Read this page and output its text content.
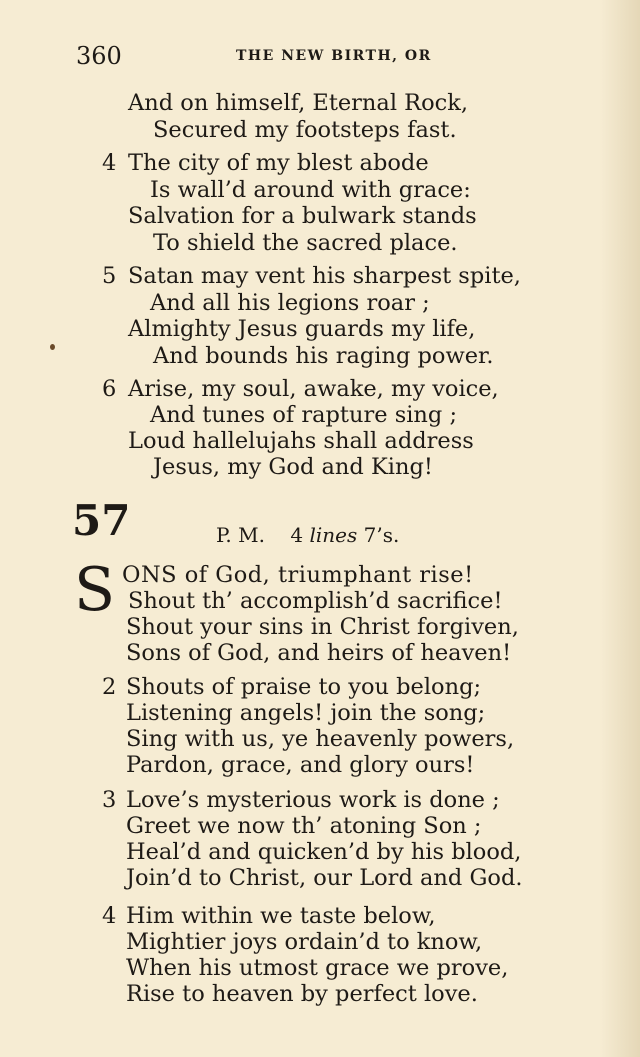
360	THE NEW BIRTH, OR
And on himself, Eternal Rock,
Secured my footsteps fast.
4 The city of my blest abode
Is wall’d around with grace:
Salvation for a bulwark stands
To shield the sacred place.
5 Satan may vent his sharpest spite,
And all his legions roar ;
Almighty Jesus guards my life,
And bounds his raging power.
6 Arise, my soul, awake, my voice,
And tunes of rapture sing ;
Loud hallelujahs shall address
Jesus, my God and King!
57	P. M. 4 lines 7’s.
S ONS of God, triumphant rise!
Shout th’ accomplish’d sacrifice!
Shout your sins in Christ forgiven,
Sons of God, and heirs of heaven!
2 Shouts of praise to you belong;
Listening angels! join the song;
Sing with us, ye heavenly powers,
Pardon, grace, and glory ours!
3 Love’s mysterious work is done ;
Greet we now th’ atoning Son ;
Heal’d and quicken’d by his blood,
Join’d to Christ, our Lord and God.
4 Him within we taste below,
Mightier joys ordain’d to know,
When his utmost grace we prove,
Rise to heaven by perfect love.
